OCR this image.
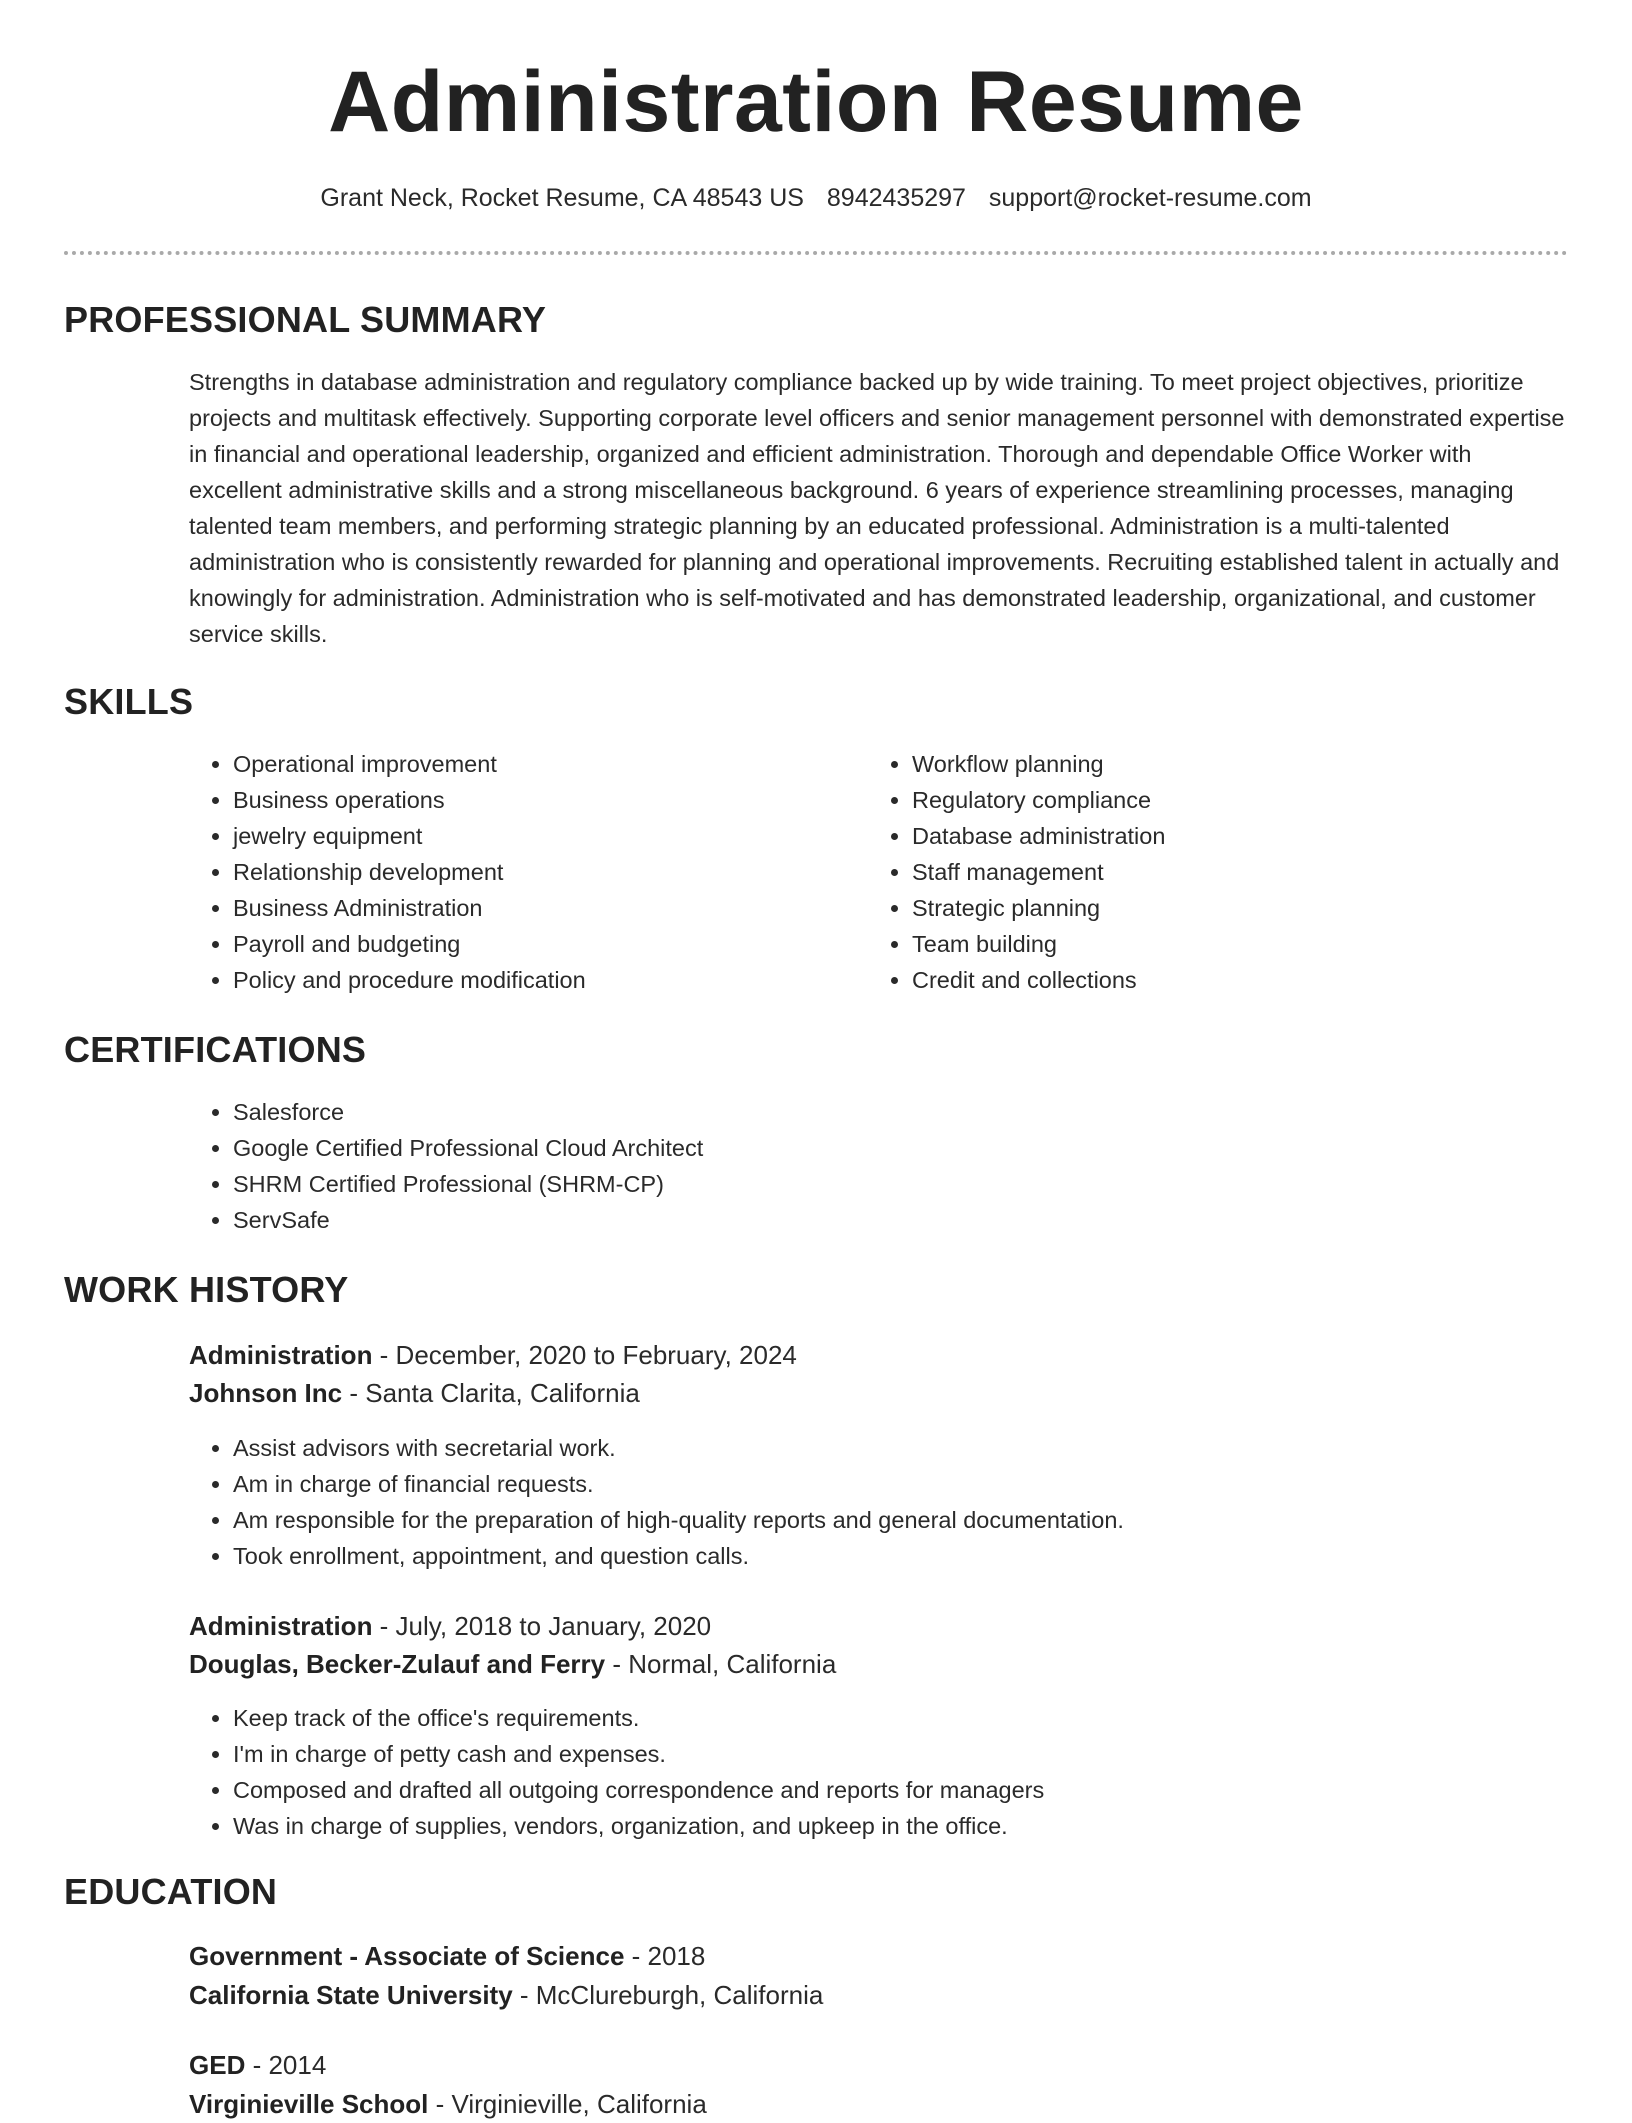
Administration Resume
Grant Neck, Rocket Resume, CA 48543 US 8942435297 support@rocket-resume.com
PROFESSIONAL SUMMARY
Strengths in database administration and regulatory compliance backed up by wide training. To meet project objectives, prioritize projects and multitask effectively. Supporting corporate level officers and senior management personnel with demonstrated expertise in financial and operational leadership, organized and efficient administration. Thorough and dependable Office Worker with excellent administrative skills and a strong miscellaneous background. 6 years of experience streamlining processes, managing talented team members, and performing strategic planning by an educated professional. Administration is a multi-talented administration who is consistently rewarded for planning and operational improvements. Recruiting established talent in actually and knowingly for administration. Administration who is self-motivated and has demonstrated leadership, organizational, and customer service skills.
SKILLS
• Operational improvement
• Business operations
• jewelry equipment
• Relationship development
• Business Administration
• Payroll and budgeting
• Policy and procedure modification
• Workflow planning
• Regulatory compliance
• Database administration
• Staff management
• Strategic planning
• Team building
• Credit and collections
CERTIFICATIONS
• Salesforce
• Google Certified Professional Cloud Architect
• SHRM Certified Professional (SHRM-CP)
• ServSafe
WORK HISTORY
Administration - December, 2020 to February, 2024
Johnson Inc - Santa Clarita, California
• Assist advisors with secretarial work.
• Am in charge of financial requests.
• Am responsible for the preparation of high-quality reports and general documentation.
• Took enrollment, appointment, and question calls.
Administration - July, 2018 to January, 2020
Douglas, Becker-Zulauf and Ferry - Normal, California
• Keep track of the office's requirements.
• I'm in charge of petty cash and expenses.
• Composed and drafted all outgoing correspondence and reports for managers
• Was in charge of supplies, vendors, organization, and upkeep in the office.
EDUCATION
Government - Associate of Science - 2018
California State University - McClureburgh, California
GED - 2014
Virginieville School - Virginieville, California
